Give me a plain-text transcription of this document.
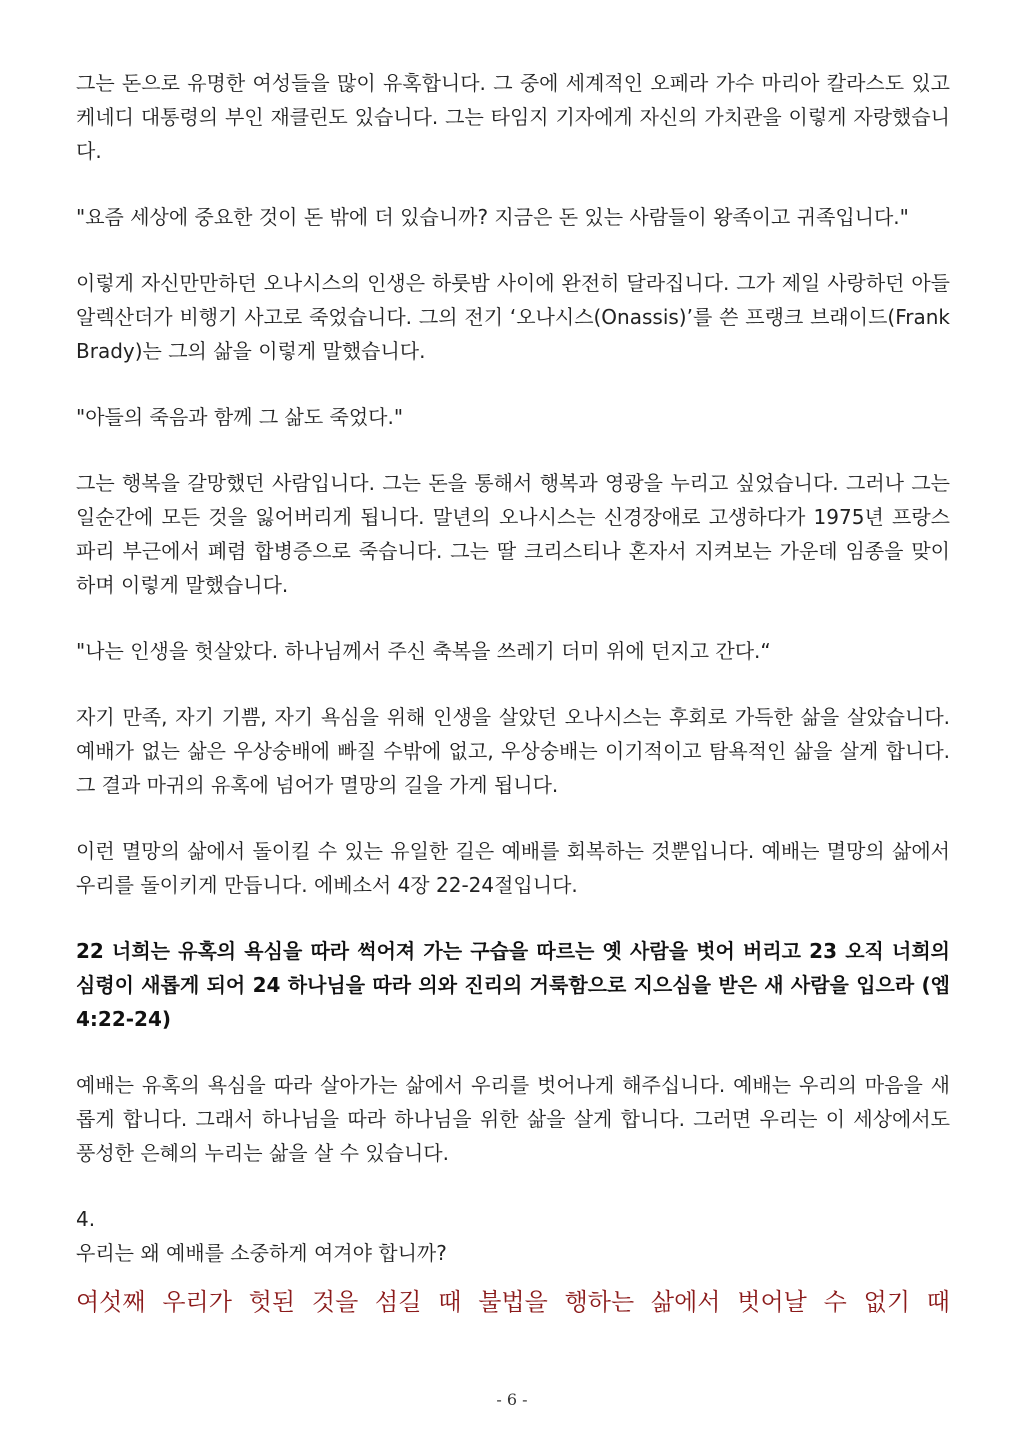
그는 돈으로 유명한 여성들을 많이 유혹합니다. 그 중에 세계적인 오페라 가수 마리아 칼라스도 있고 케네디 대통령의 부인 재클린도 있습니다. 그는 타임지 기자에게 자신의 가치관을 이렇게 자랑했습니다.

"요즘 세상에 중요한 것이 돈 밖에 더 있습니까? 지금은 돈 있는 사람들이 왕족이고 귀족입니다."

이렇게 자신만만하던 오나시스의 인생은 하룻밤 사이에 완전히 달라집니다. 그가 제일 사랑하던 아들 알렉산더가 비행기 사고로 죽었습니다. 그의 전기 ‘오나시스(Onassis)’를 쓴 프랭크 브래이드(Frank Brady)는 그의 삶을 이렇게 말했습니다.

"아들의 죽음과 함께 그 삶도 죽었다."

그는 행복을 갈망했던 사람입니다. 그는 돈을 통해서 행복과 영광을 누리고 싶었습니다. 그러나 그는 일순간에 모든 것을 잃어버리게 됩니다. 말년의 오나시스는 신경장애로 고생하다가 1975년 프랑스 파리 부근에서 폐렴 합병증으로 죽습니다. 그는 딸 크리스티나 혼자서 지켜보는 가운데 임종을 맞이하며 이렇게 말했습니다.

"나는 인생을 헛살았다. 하나님께서 주신 축복을 쓰레기 더미 위에 던지고 간다.“

자기 만족, 자기 기쁨, 자기 욕심을 위해 인생을 살았던 오나시스는 후회로 가득한 삶을 살았습니다. 예배가 없는 삶은 우상숭배에 빠질 수밖에 없고, 우상숭배는 이기적이고 탐욕적인 삶을 살게 합니다. 그 결과 마귀의 유혹에 넘어가 멸망의 길을 가게 됩니다.

이런 멸망의 삶에서 돌이킬 수 있는 유일한 길은 예배를 회복하는 것뿐입니다. 예배는 멸망의 삶에서 우리를 돌이키게 만듭니다. 에베소서 4장 22-24절입니다.

22 너희는 유혹의 욕심을 따라 썩어져 가는 구습을 따르는 옛 사람을 벗어 버리고 23 오직 너희의 심령이 새롭게 되어 24 하나님을 따라 의와 진리의 거룩함으로 지으심을 받은 새 사람을 입으라 (엡 4:22-24)

예배는 유혹의 욕심을 따라 살아가는 삶에서 우리를 벗어나게 해주십니다. 예배는 우리의 마음을 새롭게 합니다. 그래서 하나님을 따라 하나님을 위한 삶을 살게 합니다. 그러면 우리는 이 세상에서도 풍성한 은혜의 누리는 삶을 살 수 있습니다.

4.
우리는 왜 예배를 소중하게 여겨야 합니까?
여섯째 우리가 헛된 것을 섬길 때 불법을 행하는 삶에서 벗어날 수 없기 때
- 6 -
